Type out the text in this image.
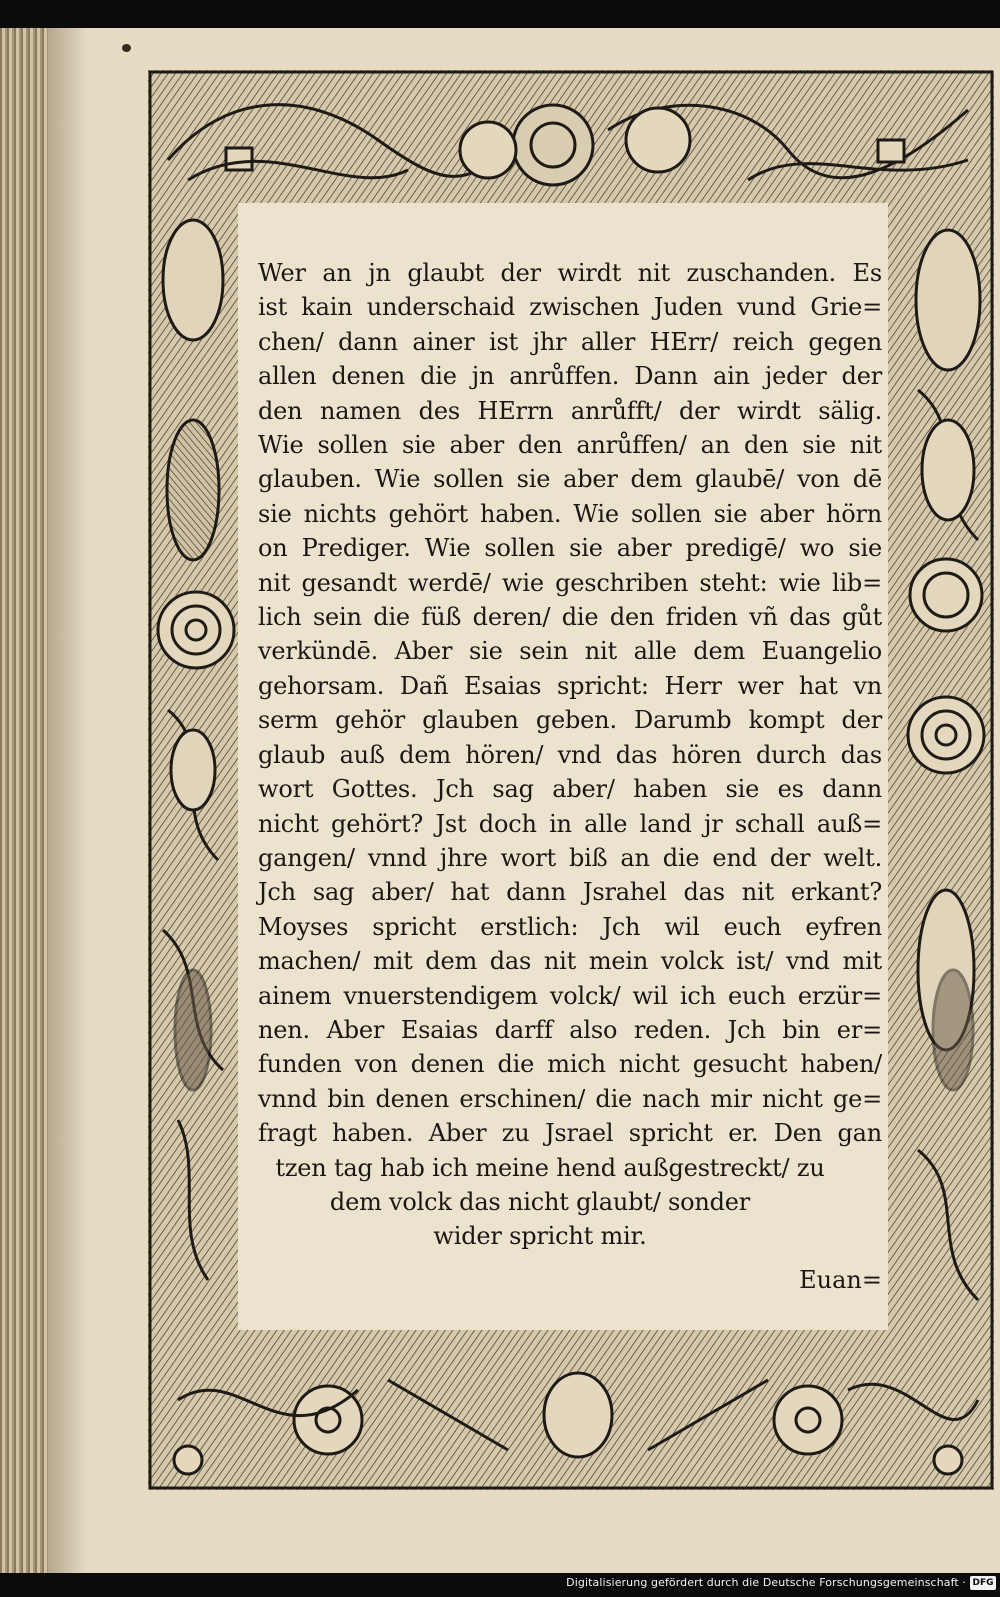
Wer an jn glaubt der wirdt nit zuschanden. Es
ist kain underschaid zwischen Juden vund Grie=
chen/ dann ainer ist jhr aller HErr/ reich gegen
allen denen die jn anrůffen. Dann ain jeder der
den namen des HErrn anrůfft/ der wirdt sälig.
Wie sollen sie aber den anrůffen/ an den sie nit
glauben. Wie sollen sie aber dem glaubē/ von dē
sie nichts gehört haben. Wie sollen sie aber hörn
on Prediger. Wie sollen sie aber predigē/ wo sie
nit gesandt werdē/ wie geschriben steht: wie lib=
lich sein die füß deren/ die den friden vñ das gůt
verkündē. Aber sie sein nit alle dem Euangelio
gehorsam. Dañ Esaias spricht: Herr wer hat vn
serm gehör glauben geben. Darumb kompt der
glaub auß dem hören/ vnd das hören durch das
wort Gottes. Jch sag aber/ haben sie es dann
nicht gehört? Jst doch in alle land jr schall auß=
gangen/ vnnd jhre wort biß an die end der welt.
Jch sag aber/ hat dann Jsrahel das nit erkant?
Moyses spricht erstlich: Jch wil euch eyfren
machen/ mit dem das nit mein volck ist/ vnd mit
ainem vnuerstendigem volck/ wil ich euch erzür=
nen. Aber Esaias darff also reden. Jch bin er=
funden von denen die mich nicht gesucht haben/
vnnd bin denen erschinen/ die nach mir nicht ge=
fragt haben. Aber zu Jsrael spricht er. Den gan
tzen tag hab ich meine hend außgestreckt/ zu
dem volck das nicht glaubt/ sonder
wider spricht mir.
Euan=
Digitalisierung gefördert durch die Deutsche Forschungsgemeinschaft · DFG
